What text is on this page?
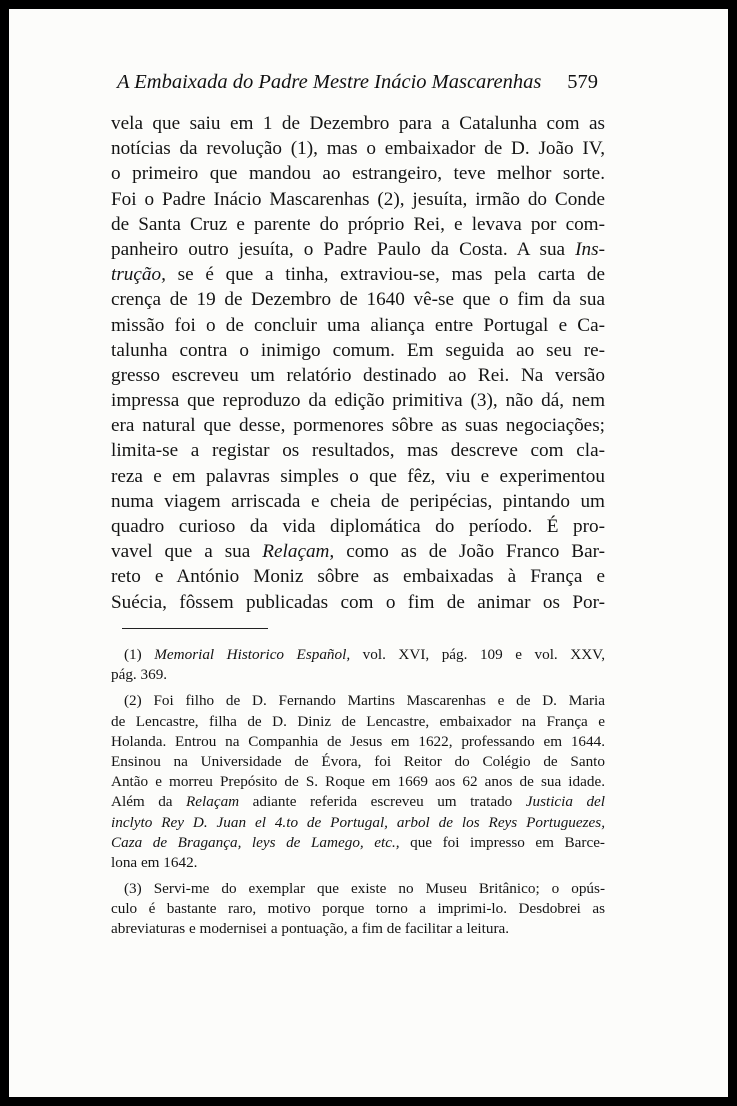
A Embaixada do Padre Mestre Inácio Mascarenhas 579
vela que saiu em 1 de Dezembro para a Catalunha com as
notícias da revolução (1), mas o embaixador de D. João IV,
o primeiro que mandou ao estrangeiro, teve melhor sorte.
Foi o Padre Inácio Mascarenhas (2), jesuíta, irmão do Conde
de Santa Cruz e parente do próprio Rei, e levava por com-
panheiro outro jesuíta, o Padre Paulo da Costa. A sua Ins-
trução, se é que a tinha, extraviou-se, mas pela carta de
crença de 19 de Dezembro de 1640 vê-se que o fim da sua
missão foi o de concluir uma aliança entre Portugal e Ca-
talunha contra o inimigo comum. Em seguida ao seu re-
gresso escreveu um relatório destinado ao Rei. Na versão
impressa que reproduzo da edição primitiva (3), não dá, nem
era natural que desse, pormenores sôbre as suas negociações;
limita-se a registar os resultados, mas descreve com cla-
reza e em palavras simples o que fêz, viu e experimentou
numa viagem arriscada e cheia de peripécias, pintando um
quadro curioso da vida diplomática do período. É pro-
vavel que a sua Relaçam, como as de João Franco Bar-
reto e António Moniz sôbre as embaixadas à França e
Suécia, fôssem publicadas com o fim de animar os Por-
(1) Memorial Historico Español, vol. XVI, pág. 109 e vol. XXV,
pág. 369.
(2) Foi filho de D. Fernando Martins Mascarenhas e de D. Maria
de Lencastre, filha de D. Diniz de Lencastre, embaixador na França e
Holanda. Entrou na Companhia de Jesus em 1622, professando em 1644.
Ensinou na Universidade de Évora, foi Reitor do Colégio de Santo
Antão e morreu Prepósito de S. Roque em 1669 aos 62 anos de sua idade.
Além da Relaçam adiante referida escreveu um tratado Justicia del
inclyto Rey D. Juan el 4.to de Portugal, arbol de los Reys Portuguezes,
Caza de Bragança, leys de Lamego, etc., que foi impresso em Barce-
lona em 1642.
(3) Servi-me do exemplar que existe no Museu Britânico; o opús-
culo é bastante raro, motivo porque torno a imprimi-lo. Desdobrei as
abreviaturas e modernisei a pontuação, a fim de facilitar a leitura.
